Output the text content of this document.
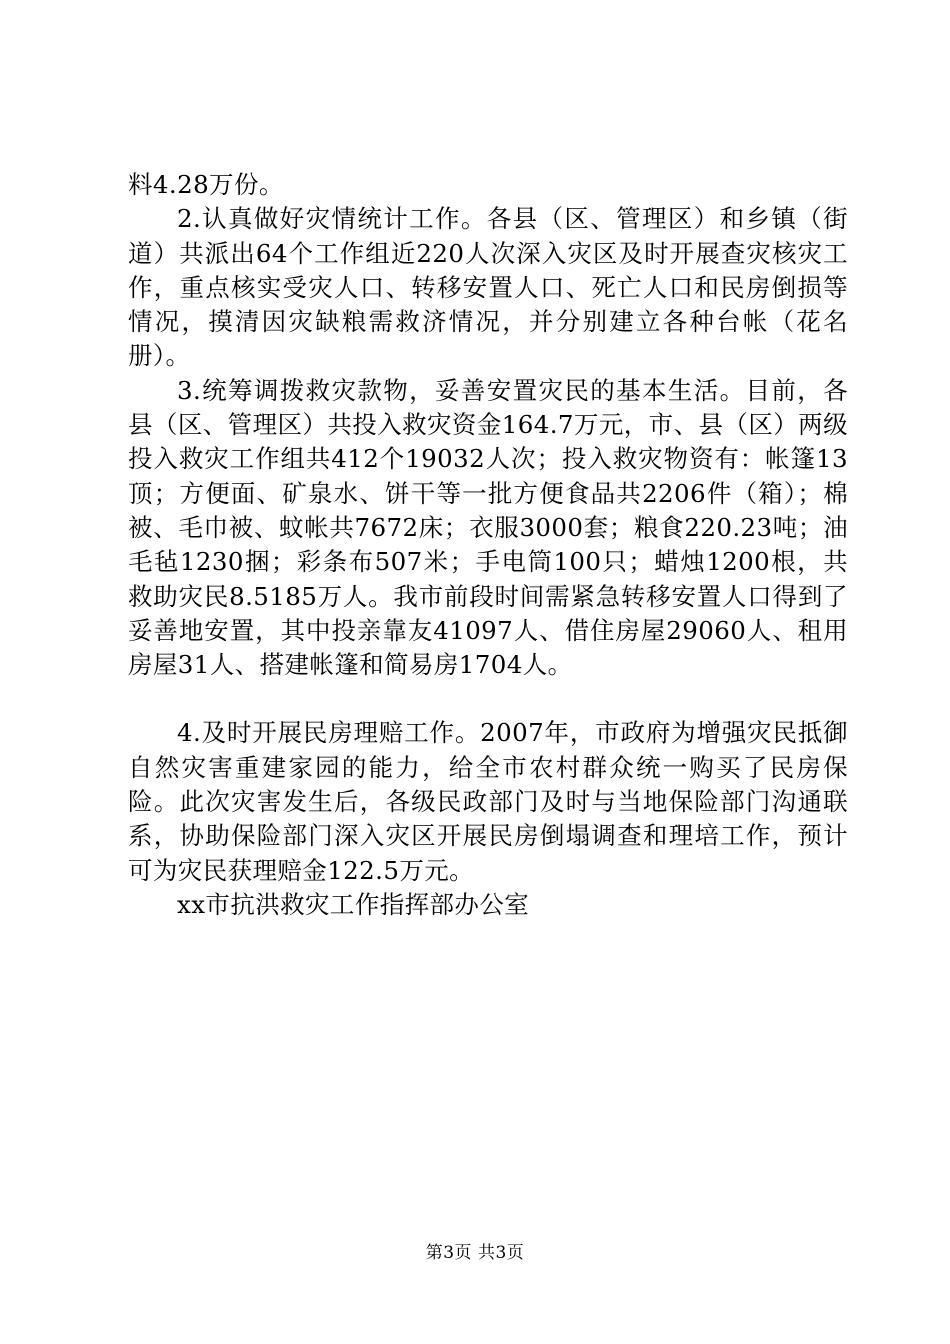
料4.28万份。

2.认真做好灾情统计工作。各县（区、管理区）和乡镇（街道）共派出64个工作组近220人次深入灾区及时开展查灾核灾工作，重点核实受灾人口、转移安置人口、死亡人口和民房倒损等情况，摸清因灾缺粮需救济情况，并分别建立各种台帐（花名册）。

3.统筹调拨救灾款物，妥善安置灾民的基本生活。目前，各县（区、管理区）共投入救灾资金164.7万元，市、县（区）两级投入救灾工作组共412个19032人次；投入救灾物资有：帐篷13顶；方便面、矿泉水、饼干等一批方便食品共2206件（箱）；棉被、毛巾被、蚊帐共7672床；衣服3000套；粮食220.23吨；油毛毡1230捆；彩条布507米；手电筒100只；蜡烛1200根，共救助灾民8.5185万人。我市前段时间需紧急转移安置人口得到了妥善地安置，其中投亲靠友41097人、借住房屋29060人、租用房屋31人、搭建帐篷和简易房1704人。

4.及时开展民房理赔工作。2007年，市政府为增强灾民抵御自然灾害重建家园的能力，给全市农村群众统一购买了民房保险。此次灾害发生后，各级民政部门及时与当地保险部门沟通联系，协助保险部门深入灾区开展民房倒塌调查和理培工作，预计可为灾民获理赔金122.5万元。

xx市抗洪救灾工作指挥部办公室

第3页 共3页
